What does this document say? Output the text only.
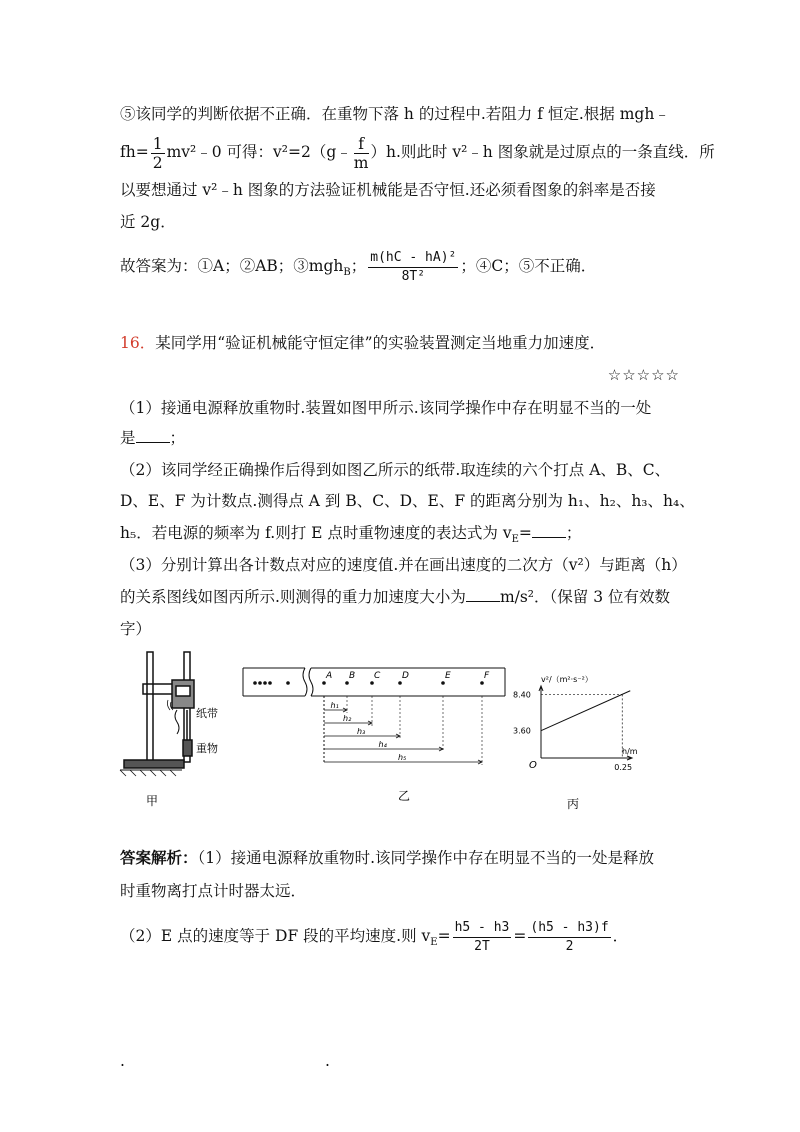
⑤该同学的判断依据不正确．在重物下落 h 的过程中.若阻力 f 恒定.根据 mgh﹣
$fh= \frac{1}{2}$ mv²﹣0 可得：v²=2（g﹣ $\frac{f}{m} )h$.则此时 v²﹣h 图象就是过原点的一条直线．所
以要想通过 v²﹣h 图象的方法验证机械能是否守恒.还必须看图象的斜率是否接
近 2g．
故答案为：①A；②AB；③mgh$_B$； $\frac{\text{m(hC - hA)²}}{\text{8T²}}$ ；④C；⑤不正确．
16．某同学用“验证机械能守恒定律”的实验装置测定当地重力加速度．
☆☆☆☆☆
（1）接通电源释放重物时.装置如图甲所示.该同学操作中存在明显不当的一处
是 ；
（2）该同学经正确操作后得到如图乙所示的纸带.取连续的六个打点 A、B、C、
D、E、F 为计数点.测得点 A 到 B、C、D、E、F 的距离分别为 h₁、h₂、h₃、h₄、
h₅．若电源的频率为 f.则打 E 点时重物速度的表达式为 $v_E=$ ；
（3）分别计算出各计数点对应的速度值.并在画出速度的二次方（v²）与距离（h）
的关系图线如图丙所示.则测得的重力加速度大小为 m/s²．（保留 3 位有效数
字）
纸带
重物
甲
A B C D	E	F
h₁
h₂
h₃
h₄
h₅
乙
v²/（m²·s⁻²）
h/m
O
8.40
3.60
0.25
丙
答案解析：（1）接通电源释放重物时.该同学操作中存在明显不当的一处是释放
时重物离打点计时器太远．
（2）E 点的速度等于 DF 段的平均速度.则 $v_E= \frac{h5 - h3}{2T} = \frac{(h5 - h3)f}{2}$ ．
.	.
